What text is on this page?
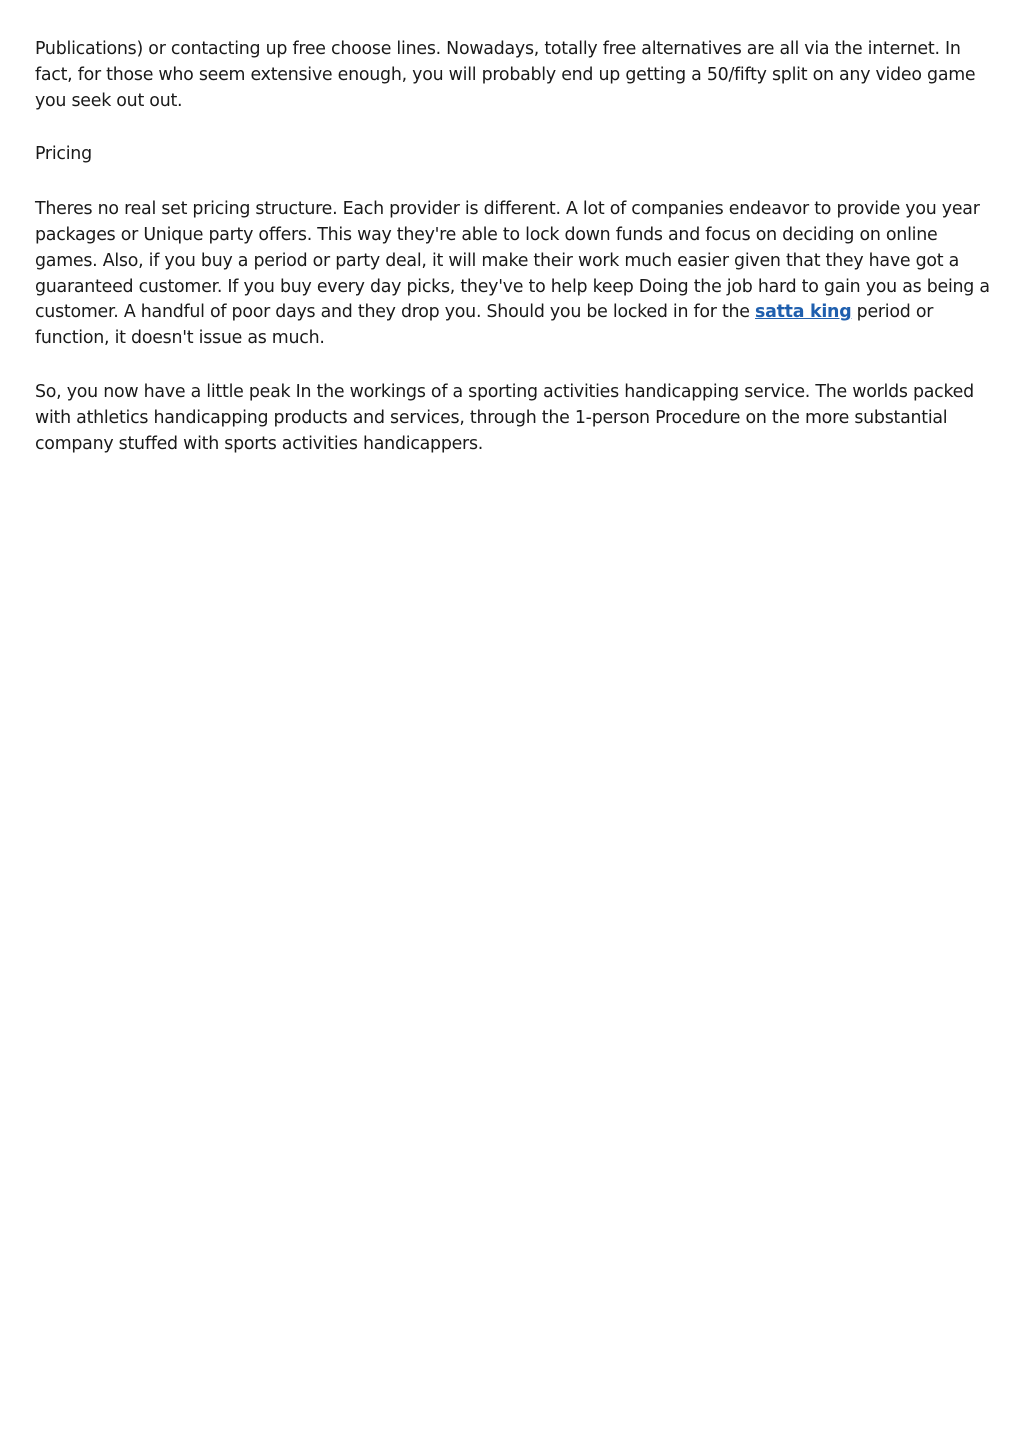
Publications) or contacting up free choose lines. Nowadays, totally free alternatives are all via the internet. In fact, for those who seem extensive enough, you will probably end up getting a 50/fifty split on any video game you seek out out.

Pricing

Theres no real set pricing structure. Each provider is different. A lot of companies endeavor to provide you year packages or Unique party offers. This way they're able to lock down funds and focus on deciding on online games. Also, if you buy a period or party deal, it will make their work much easier given that they have got a guaranteed customer. If you buy every day picks, they've to help keep Doing the job hard to gain you as being a customer. A handful of poor days and they drop you. Should you be locked in for the satta king period or function, it doesn't issue as much.

So, you now have a little peak In the workings of a sporting activities handicapping service. The worlds packed with athletics handicapping products and services, through the 1-person Procedure on the more substantial company stuffed with sports activities handicappers.
